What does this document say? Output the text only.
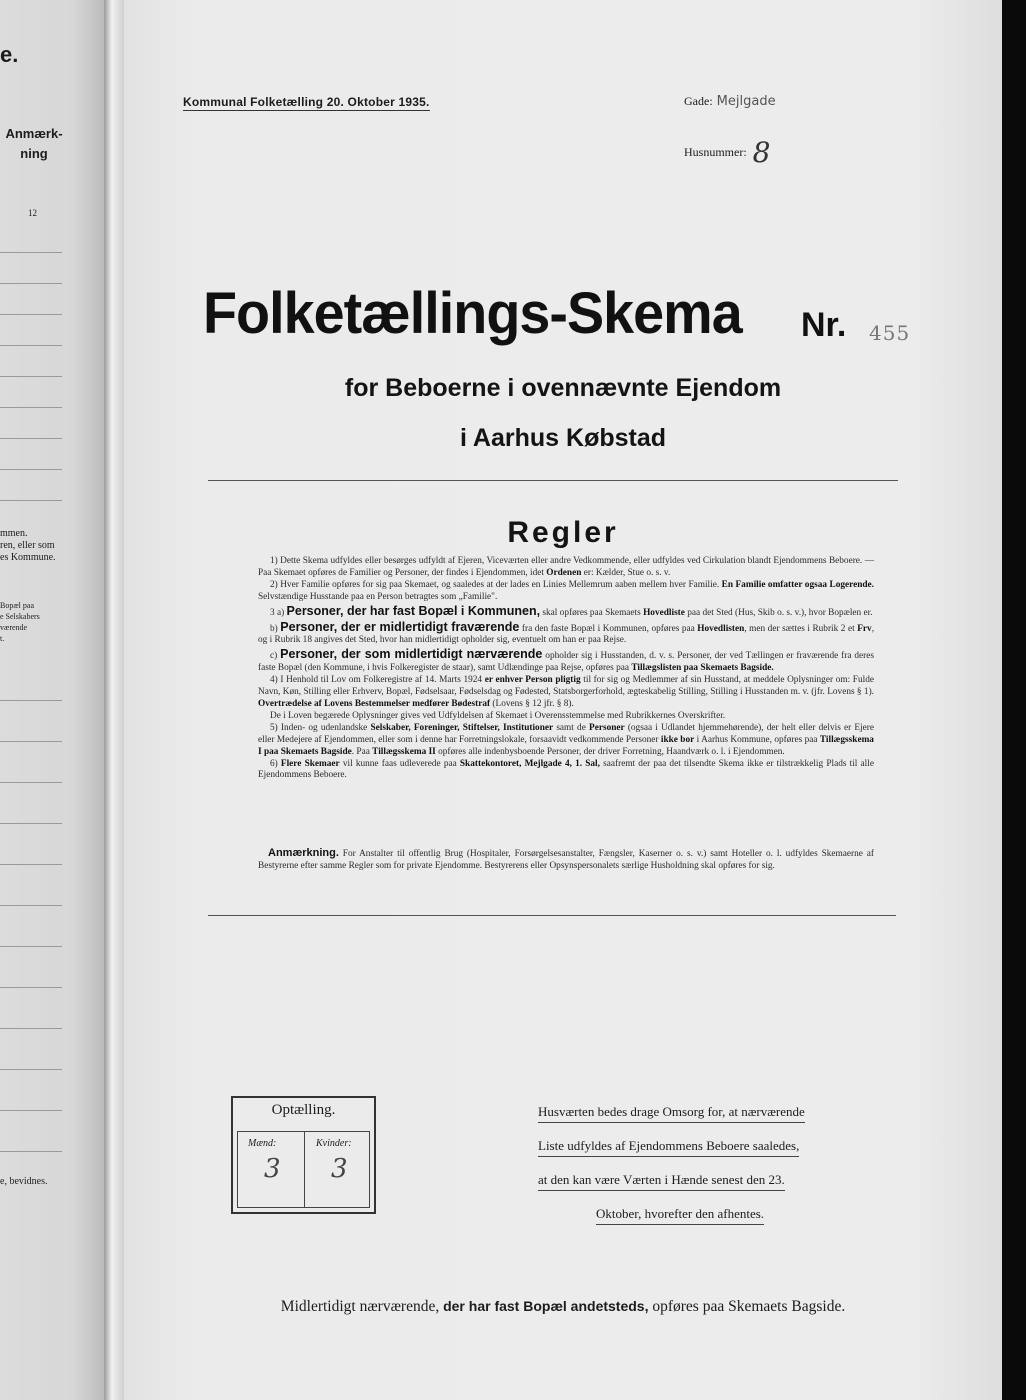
e.
Anmærk-
ning
12
mmen.
ren, eller som
es Kommune.
Bopæl paa
e Selskabers
værende
t.
e, bevidnes.
Kommunal Folketælling 20. Oktober 1935.	Gade: Mejlgade
Husnummer: 8
Folketællings-Skema Nr. 455
for Beboerne i ovennævnte Ejendom
i Aarhus Købstad
Regler

1) Dette Skema udfyldes eller besørges udfyldt af Ejeren, Viceværten eller andre Vedkommende, eller udfyldes ved Cirkulation blandt Ejendommens Beboere. — Paa Skemaet opføres de Familier og Personer, der findes i Ejendommen, idet Ordenen er: Kælder, Stue o. s. v.

2) Hver Familie opføres for sig paa Skemaet, og saaledes at der lades en Linies Mellemrum aaben mellem hver Familie. En Familie omfatter ogsaa Logerende. Selvstændige Husstande paa en Person betragtes som „Familie".

3 a) Personer, der har fast Bopæl i Kommunen, skal opføres paa Skemaets Hovedliste paa det Sted (Hus, Skib o. s. v.), hvor Bopælen er.

b) Personer, der er midlertidigt fraværende fra den faste Bopæl i Kommunen, opføres paa Hovedlisten, men der sættes i Rubrik 2 et Frv, og i Rubrik 18 angives det Sted, hvor han midlertidigt opholder sig, eventuelt om han er paa Rejse.

c) Personer, der som midlertidigt nærværende opholder sig i Husstanden, d. v. s. Personer, der ved Tællingen er fraværende fra deres faste Bopæl (den Kommune, i hvis Folkeregister de staar), samt Udlændinge paa Rejse, opføres paa Tillægslisten paa Skemaets Bagside.

4) I Henhold til Lov om Folkeregistre af 14. Marts 1924 er enhver Person pligtig til for sig og Medlemmer af sin Husstand, at meddele Oplysninger om: Fulde Navn, Køn, Stilling eller Erhverv, Bopæl, Fødselsaar, Fødselsdag og Fødested, Statsborgerforhold, ægteskabelig Stilling, Stilling i Husstanden m. v. (jfr. Lovens § 1). Overtrædelse af Lovens Bestemmelser medfører Bødestraf (Lovens § 12 jfr. § 8).

De i Loven begærede Oplysninger gives ved Udfyldelsen af Skemaet i Overensstemmelse med Rubrikkernes Overskrifter.

5) Inden- og udenlandske Selskaber, Foreninger, Stiftelser, Institutioner samt de Personer (ogsaa i Udlandet hjemmehørende), der helt eller delvis er Ejere eller Medejere af Ejendommen, eller som i denne har Forretningslokale, forsaavidt vedkommende Personer ikke bor i Aarhus Kommune, opføres paa Tillægsskema I paa Skemaets Bagside. Paa Tillægsskema II opføres alle indenbysboende Personer, der driver Forretning, Haandværk o. l. i Ejendommen.

6) Flere Skemaer vil kunne faas udleverede paa Skattekontoret, Mejlgade 4, 1. Sal, saafremt der paa det tilsendte Skema ikke er tilstrækkelig Plads til alle Ejendommens Beboere.

Anmærkning. For Anstalter til offentlig Brug (Hospitaler, Forsørgelsesanstalter, Fængsler, Kaserner o. s. v.) samt Hoteller o. l. udfyldes Skemaerne af Bestyrerne efter samme Regler som for private Ejendomme. Bestyrerens eller Opsynspersonalets særlige Husholdning skal opføres for sig.
Optælling.
Mænd:	Kvinder:
3 3
Husværten bedes drage Omsorg for, at nærværende
Liste udfyldes af Ejendommens Beboere saaledes,
at den kan være Værten i Hænde senest den 23.
Oktober, hvorefter den afhentes.
Midlertidigt nærværende, der har fast Bopæl andetsteds, opføres paa Skemaets Bagside.
